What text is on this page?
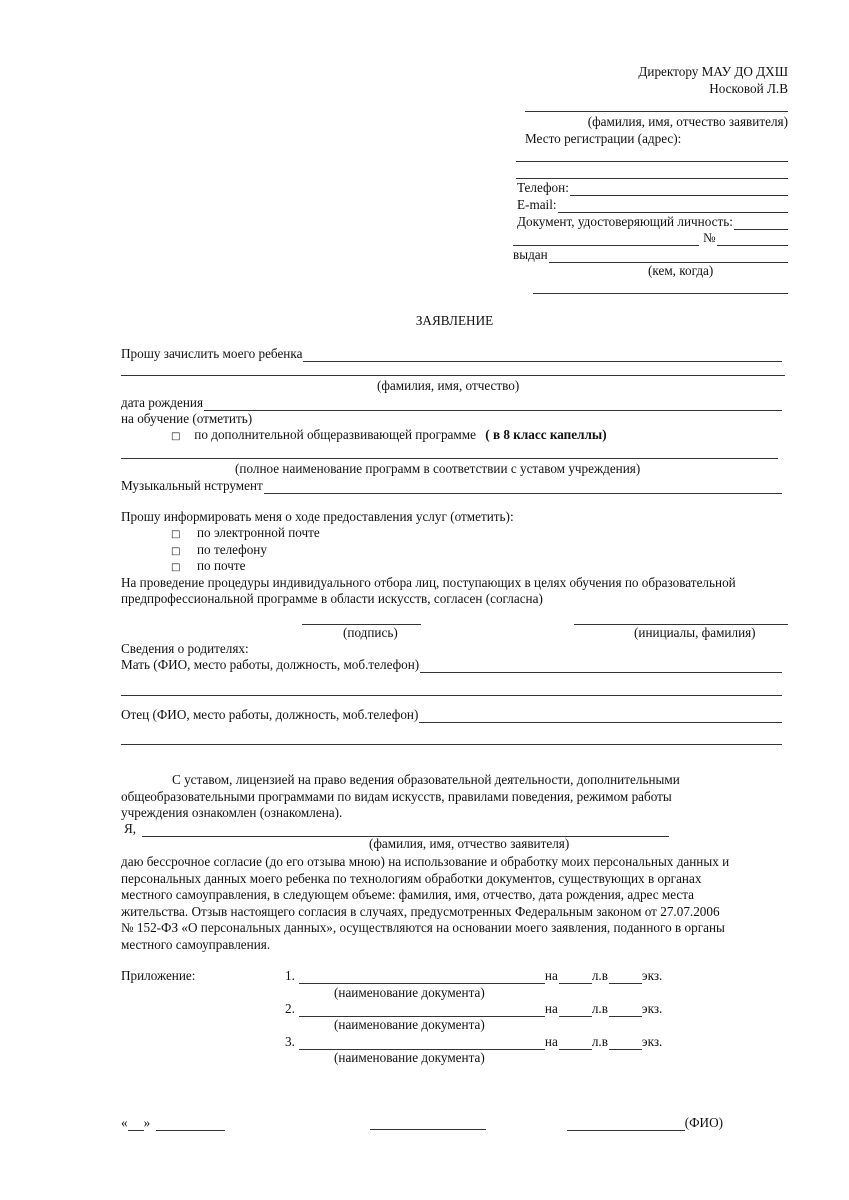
Директору МАУ ДО ДХШ
Носковой Л.В
(фамилия, имя, отчество заявителя)
Место регистрации (адрес):
Телефон:
E-mail:
Документ, удостоверяющий личность:
№
выдан
(кем, когда)
ЗАЯВЛЕНИЕ
Прошу зачислить моего ребенка
(фамилия, имя, отчество)
дата рождения
на обучение (отметить)
□ по дополнительной общеразвивающей программе ( в 8 класс капеллы)
(полное наименование программ в соответствии с уставом учреждения)
Музыкальный нструмент
Прошу информировать меня о ходе предоставления услуг (отметить):
□ по электронной почте
□ по телефону
□ по почте
На проведение процедуры индивидуального отбора лиц, поступающих в целях обучения по образовательной
предпрофессиональной программе в области искусств, согласен (согласна)
(подпись)	(инициалы, фамилия)
Сведения о родителях:
Мать (ФИО, место работы, должность, моб.телефон)
Отец (ФИО, место работы, должность, моб.телефон)

С уставом, лицензией на право ведения образовательной деятельности, дополнительными

общеобразовательными программами по видам искусств, правилами поведения, режимом работы

учреждения ознакомлен (ознакомлена).

Я,
(фамилия, имя, отчество заявителя)

даю бессрочное согласие (до его отзыва мною) на использование и обработку моих персональных данных и

персональных данных моего ребенка по технологиям обработки документов, существующих в органах

местного самоуправления, в следующем объеме: фамилия, имя, отчество, дата рождения, адрес места

жительства. Отзыв настоящего согласия в случаях, предусмотренных Федеральным законом от 27.07.2006

№ 152-ФЗ «О персональных данных», осуществляются на основании моего заявления, поданного в органы

местного самоуправления.

Приложение:	1.	на	л.в	экз.
(наименование документа)
2.	на	л.в	экз.
(наименование документа)
3.	на	л.в	экз.
(наименование документа)
« »	(ФИО)
